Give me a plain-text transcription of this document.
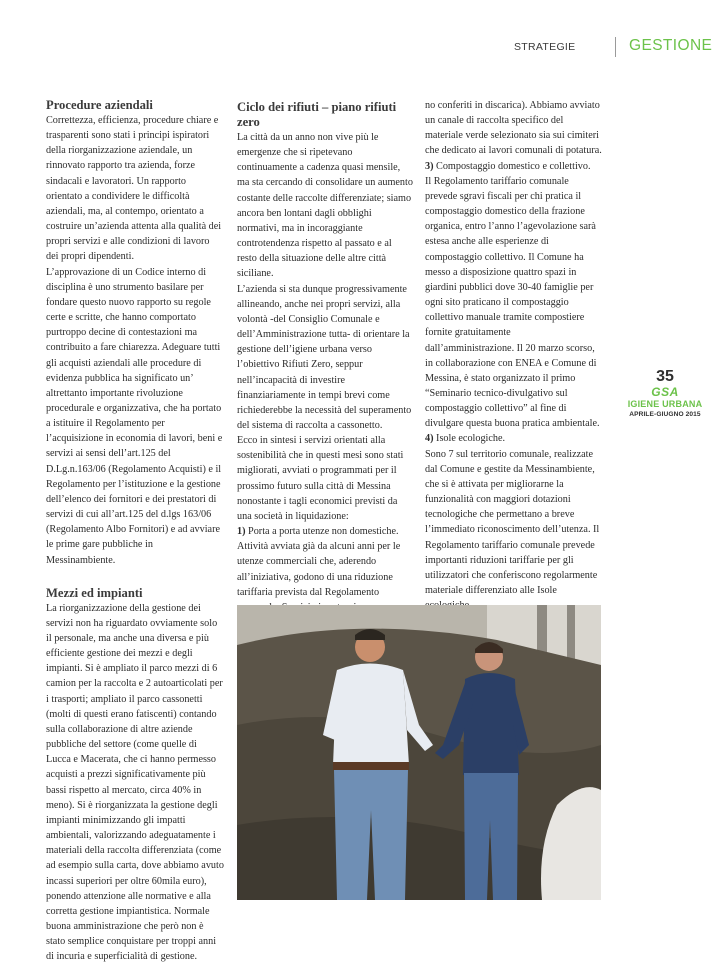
STRATEGIE	GESTIONE
Procedure aziendali

Correttezza, efficienza, procedure chiare e trasparenti sono stati i principi ispiratori della riorganizzazione aziendale, un rinnovato rapporto tra azienda, forze sindacali e lavoratori. Un rapporto orientato a condividere le difficoltà aziendali, ma, al contempo, orientato a costruire un’azienda attenta alla qualità dei propri servizi e alle condizioni di lavoro dei propri dipendenti.

L’approvazione di un Codice interno di disciplina è uno strumento basilare per fondare questo nuovo rapporto su regole certe e scritte, che hanno comportato purtroppo decine di contestazioni ma contribuito a fare chiarezza. Adeguare tutti gli acquisti aziendali alle procedure di evidenza pubblica ha significato un’ altrettanto importante rivoluzione procedurale e organizzativa, che ha portato a istituire il Regolamento per l’acquisizione in economia di lavori, beni e servizi ai sensi dell’art.125 del D.Lg.n.163/06 (Regolamento Acquisti) e il Regolamento per l’istituzione e la gestione dell’elenco dei fornitori e dei prestatori di servizi di cui all’art.125 del d.lgs 163/06 (Regolamento Albo Fornitori) e ad avviare le prime gare pubbliche in Messinambiente.

Mezzi ed impianti

La riorganizzazione della gestione dei servizi non ha riguardato ovviamente solo il personale, ma anche una diversa e più efficiente gestione dei mezzi e degli impianti. Si è ampliato il parco mezzi di 6 camion per la raccolta e 2 autoarticolati per i trasporti; ampliato il parco cassonetti (molti di questi erano fatiscenti) contando sulla collaborazione di altre aziende pubbliche del settore (come quelle di Lucca e Macerata, che ci hanno permesso acquisti a prezzi significativamente più bassi rispetto al mercato, circa 40% in meno). Si è riorganizzata la gestione degli impianti minimizzando gli impatti ambientali, valorizzando adeguatamente i materiali della raccolta differenziata (come ad esempio sulla carta, dove abbiamo avuto incassi superiori per oltre 60mila euro), ponendo attenzione alle normative e alla corretta gestione impiantistica. Normale buona amministrazione che però non è stato semplice conquistare per troppi anni di incuria e superficialità di gestione.

Ciclo dei rifiuti – piano rifiuti zero

La città da un anno non vive più le emergenze che si ripetevano continuamente a cadenza quasi mensile, ma sta cercando di consolidare un aumento costante delle raccolte differenziate; siamo ancora ben lontani dagli obblighi normativi, ma in incoraggiante controtendenza rispetto al passato e al resto della situazione delle altre città siciliane.

L’azienda si sta dunque progressivamente allineando, anche nei propri servizi, alla volontà -del Consiglio Comunale e dell’Amministrazione tutta- di orientare la gestione dell’igiene urbana verso l’obiettivo Rifiuti Zero, seppur nell’incapacità di investire finanziariamente in tempi brevi come richiederebbe la necessità del superamento del sistema di raccolta a cassonetto.

Ecco in sintesi i servizi orientati alla sostenibilità che in questi mesi sono stati migliorati, avviati o programmati per il prossimo futuro sulla città di Messina nonostante i tagli economici previsti da una società in liquidazione:

1) Porta a porta utenze non domestiche.

Attività avviata già da alcuni anni per le utenze commerciali che, aderendo all’iniziativa, godono di una riduzione tariffaria prevista dal Regolamento

no conferiti in discarica). Abbiamo avviato un canale di raccolta specifico del materiale verde selezionato sia sui cimiteri che dedicato ai lavori comunali di potatura.

3) Compostaggio domestico e collettivo.

Il Regolamento tariffario comunale prevede sgravi fiscali per chi pratica il compostaggio domestico della frazione organica, entro l’anno l’agevolazione sarà estesa anche alle esperienze di compostaggio collettivo. Il Comune ha messo a disposizione quattro spazi in giardini pubblici dove 30-40 famiglie per ogni sito praticano il compostaggio collettivo manuale tramite compostiere fornite gratuitamente dall’amministrazione. Il 20 marzo scorso, in collaborazione con ENEA e Comune di Messina, è stato organizzato il primo “Seminario tecnico-divulgativo sul compostaggio collettivo” al fine di divulgare questa buona pratica ambientale.

4) Isole ecologiche.

Sono 7 sul territorio comunale, realizzate dal Comune e gestite da Messinambiente, che si è attivata per migliorarne la funzionalità con maggiori dotazioni tecnologiche che permettano a breve l’immediato riconoscimento dell’utenza. Il Regolamento tariffario comunale prevede importanti riduzioni tariffarie per gli utilizzatori che conferiscono regolarmente materiale differenziato alle Isole

35
GSA
IGIENE URBANA
APRILE-GIUGNO 2015
